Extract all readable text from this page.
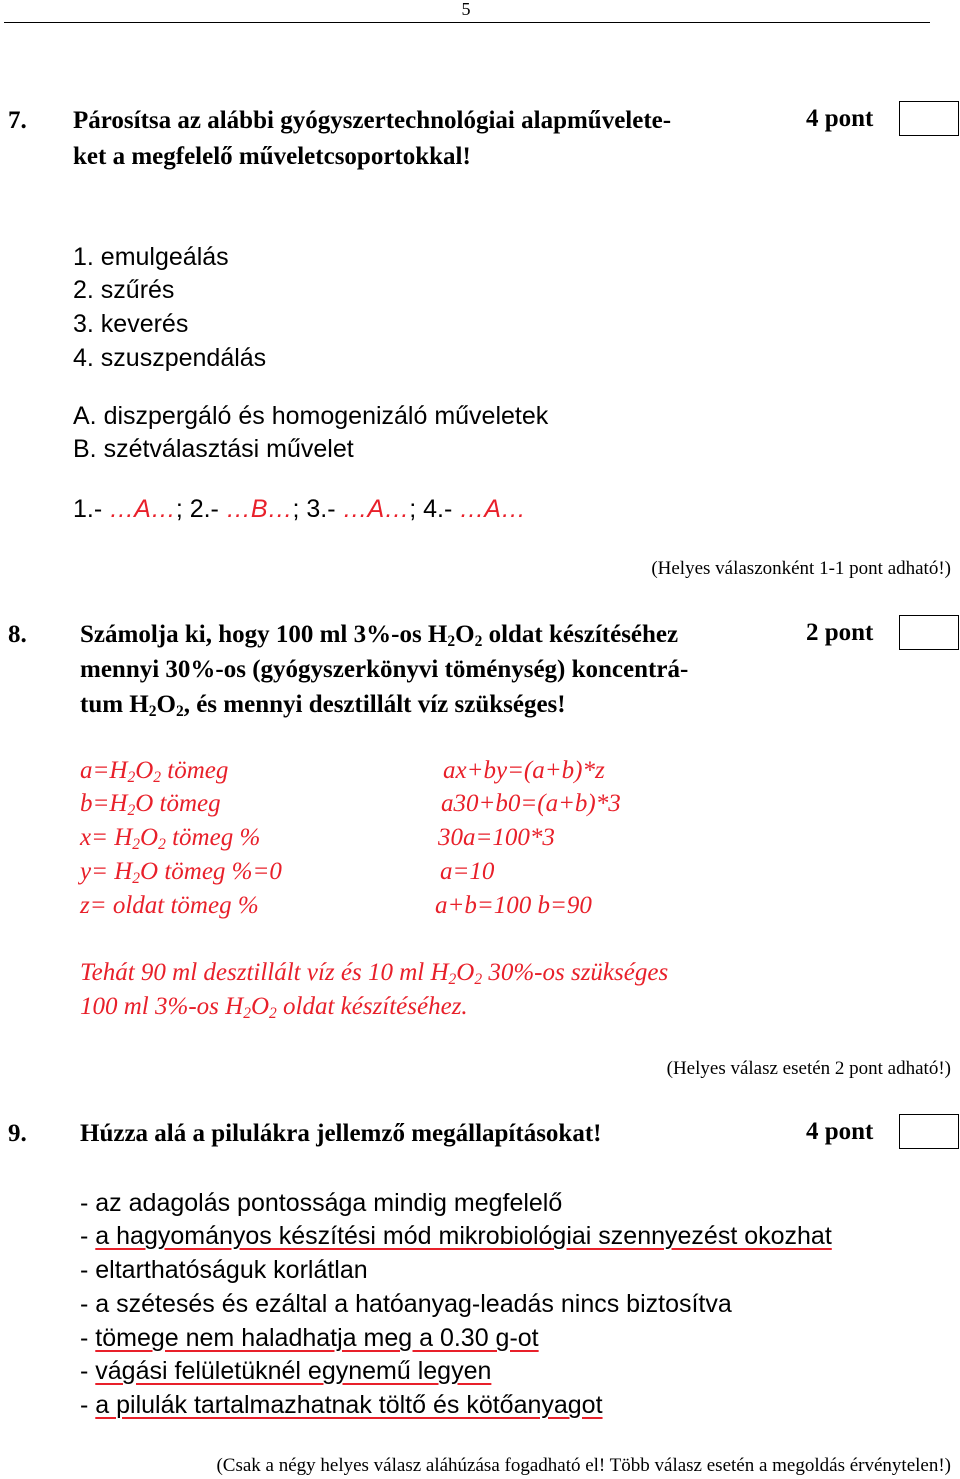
5
7. Párosítsa az alábbi gyógyszertechnológiai alapművelete-
ket a megfelelő műveletcsoportokkal!
4 pont
1. emulgeálás
2. szűrés
3. keverés
4. szuszpendálás
A. diszpergáló és homogenizáló műveletek
B. szétválasztási művelet
1.- …A…; 2.- …B…; 3.- …A…; 4.- …A…
(Helyes válaszonként 1-1 pont adható!)
8. Számolja ki, hogy 100 ml 3%-os $H_2O_2$ oldat készítéséhez
mennyi 30%-os (gyógyszerkönyvi töménység) koncentrá-
tum $H_2O_2$, és mennyi desztillált víz szükséges!
2 pont
$a=H_2O_2$ tömeg
$b=H_2O$ tömeg
$x= H_2O_2$ tömeg %
$y= H_2O$ tömeg %=0
z= oldat tömeg %
ax+by=(a+b)*z
a30+b0=(a+b)*3
30a=100*3
a=10
a+b=100 b=90
Tehát 90 ml desztillált víz és 10 ml $H_2O_2$ 30%-os szükséges
100 ml 3%-os $H_2O_2$ oldat készítéséhez.
(Helyes válasz esetén 2 pont adható!)
9. Húzza alá a pilulákra jellemző megállapításokat!	4 pont
- az adagolás pontossága mindig megfelelő
- a hagyományos készítési mód mikrobiológiai szennyezést okozhat
- eltarthatóságuk korlátlan
- a szétesés és ezáltal a hatóanyag-leadás nincs biztosítva
- tömege nem haladhatja meg a 0.30 g-ot
- vágási felületüknél egynemű legyen
- a pilulák tartalmazhatnak töltő és kötőanyagot
(Csak a négy helyes válasz aláhúzása fogadható el! Több válasz esetén a megoldás érvénytelen!)
